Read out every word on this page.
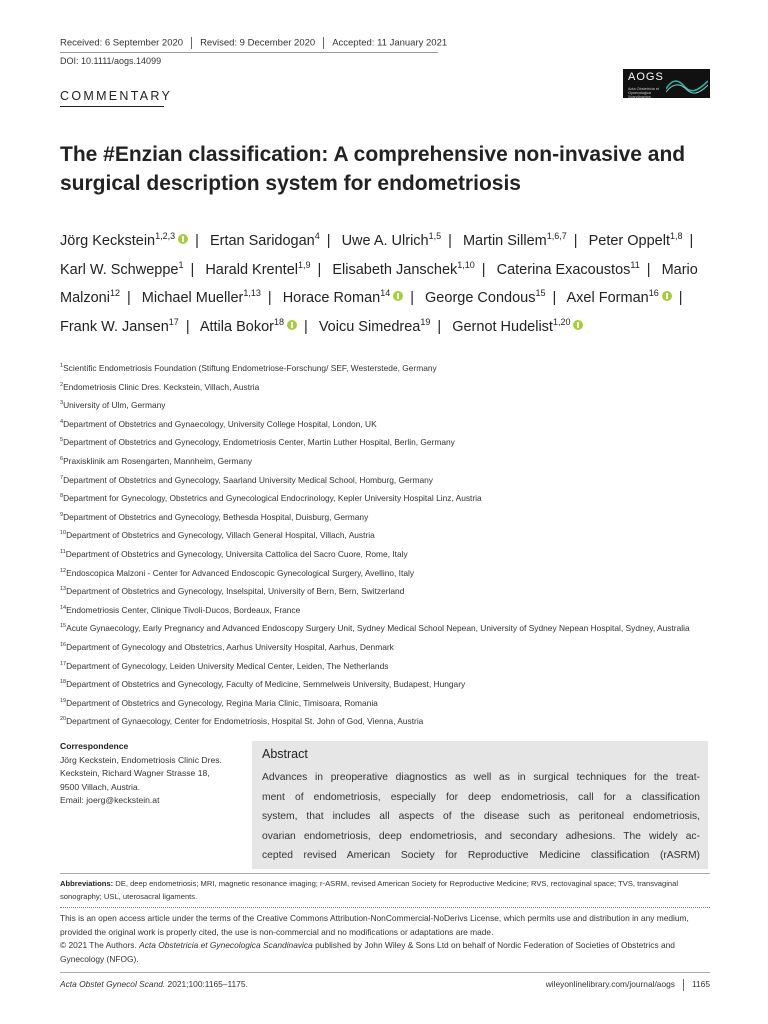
Received: 6 September 2020 Revised: 9 December 2020 Accepted: 11 January 2021
DOI: 10.1111/aogs.14099
COMMENTARY
AOGS
Acta Obstetricia et Gynecologica Scandinavica
The #Enzian classification: A comprehensive non-invasive and surgical description system for endometriosis
Jörg Keckstein$^{1,2,3}$ | Ertan Saridogan$^4$ | Uwe A. Ulrich$^{1,5}$ | Martin Sillem$^{1,6,7}$ | Peter Oppelt$^{1,8}$ | Karl W. Schweppe$^1$ | Harald Krentel$^{1,9}$ | Elisabeth Janschek$^{1,10}$ | Caterina Exacoustos$^{11}$ | Mario Malzoni$^{12}$ | Michael Mueller$^{1,13}$ | Horace Roman$^{14}$ | George Condous$^{15}$ | Axel Forman$^{16}$ | Frank W. Jansen$^{17}$ | Attila Bokor$^{18}$ | Voicu Simedrea$^{19}$ | Gernot Hudelist$^{1,20}$
$^1$Scientific Endometriosis Foundation (Stiftung Endometriose-Forschung/ SEF, Westerstede, Germany
$^2$Endometriosis Clinic Dres. Keckstein, Villach, Austria
$^3$University of Ulm, Germany
$^4$Department of Obstetrics and Gynaecology, University College Hospital, London, UK
$^5$Department of Obstetrics and Gynecology, Endometriosis Center, Martin Luther Hospital, Berlin, Germany
$^6$Praxisklinik am Rosengarten, Mannheim, Germany
$^7$Department of Obstetrics and Gynecology, Saarland University Medical School, Homburg, Germany
$^8$Department for Gynecology, Obstetrics and Gynecological Endocrinology, Kepler University Hospital Linz, Austria
$^9$Department of Obstetrics and Gynecology, Bethesda Hospital, Duisburg, Germany
$^{10}$Department of Obstetrics and Gynecology, Villach General Hospital, Villach, Austria
$^{11}$Department of Obstetrics and Gynecology, Universita Cattolica del Sacro Cuore, Rome, Italy
$^{12}$Endoscopica Malzoni - Center for Advanced Endoscopic Gynecological Surgery, Avellino, Italy
$^{13}$Department of Obstetrics and Gynecology, Inselspital, University of Bern, Bern, Switzerland
$^{14}$Endometriosis Center, Clinique Tivoli-Ducos, Bordeaux, France
$^{15}$Acute Gynaecology, Early Pregnancy and Advanced Endoscopy Surgery Unit, Sydney Medical School Nepean, University of Sydney Nepean Hospital, Sydney, Australia
$^{16}$Department of Gynecology and Obstetrics, Aarhus University Hospital, Aarhus, Denmark
$^{17}$Department of Gynecology, Leiden University Medical Center, Leiden, The Netherlands
$^{18}$Department of Obstetrics and Gynecology, Faculty of Medicine, Semmelweis University, Budapest, Hungary
$^{19}$Department of Obstetrics and Gynecology, Regina Maria Clinic, Timisoara, Romania
$^{20}$Department of Gynaecology, Center for Endometriosis, Hospital St. John of God, Vienna, Austria
Correspondence
Jörg Keckstein, Endometriosis Clinic Dres.
Keckstein, Richard Wagner Strasse 18,
9500 Villach, Austria.
Email: joerg@keckstein.at
Abstract
Advances in preoperative diagnostics as well as in surgical techniques for the treat-
ment of endometriosis, especially for deep endometriosis, call for a classification
system, that includes all aspects of the disease such as peritoneal endometriosis,
ovarian endometriosis, deep endometriosis, and secondary adhesions. The widely ac-
cepted revised American Society for Reproductive Medicine classification (rASRM)
Abbreviations: DE, deep endometriosis; MRI, magnetic resonance imaging; r-ASRM, revised American Society for Reproductive Medicine; RVS, rectovaginal space; TVS, transvaginal sonography; USL, uterosacral ligaments.
This is an open access article under the terms of the Creative Commons Attribution-NonCommercial-NoDerivs License, which permits use and distribution in any medium, provided the original work is properly cited, the use is non-commercial and no modifications or adaptations are made.
© 2021 The Authors. Acta Obstetricia et Gynecologica Scandinavica published by John Wiley & Sons Ltd on behalf of Nordic Federation of Societies of Obstetrics and Gynecology (NFOG).
Acta Obstet Gynecol Scand. 2021;100:1165–1175.	wileyonlinelibrary.com/journal/aogs 1165
